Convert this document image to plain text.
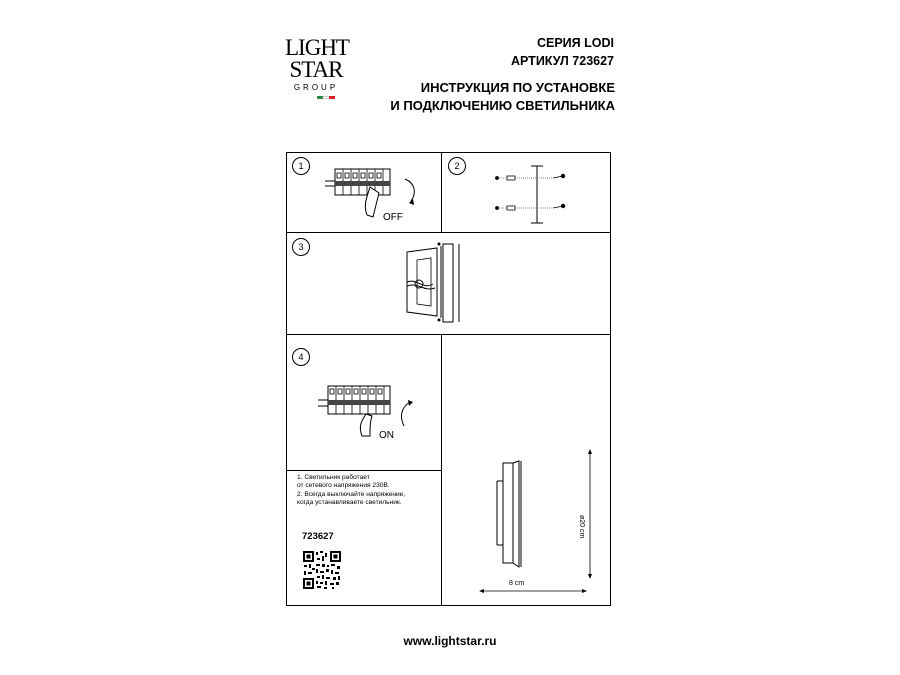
LIGHT
STAR
GROUP
СЕРИЯ LODI
АРТИКУЛ 723627
ИНСТРУКЦИЯ ПО УСТАНОВКЕ
И ПОДКЛЮЧЕНИЮ СВЕТИЛЬНИКА
1	2
3
4
OFF
ON
1. Светильник работает
от сетевого напряжения 230В.
2. Всегда выключайте напряжение,
когда устанавливаете светильник.
723627	ø20 cm
8 cm
www.lightstar.ru
